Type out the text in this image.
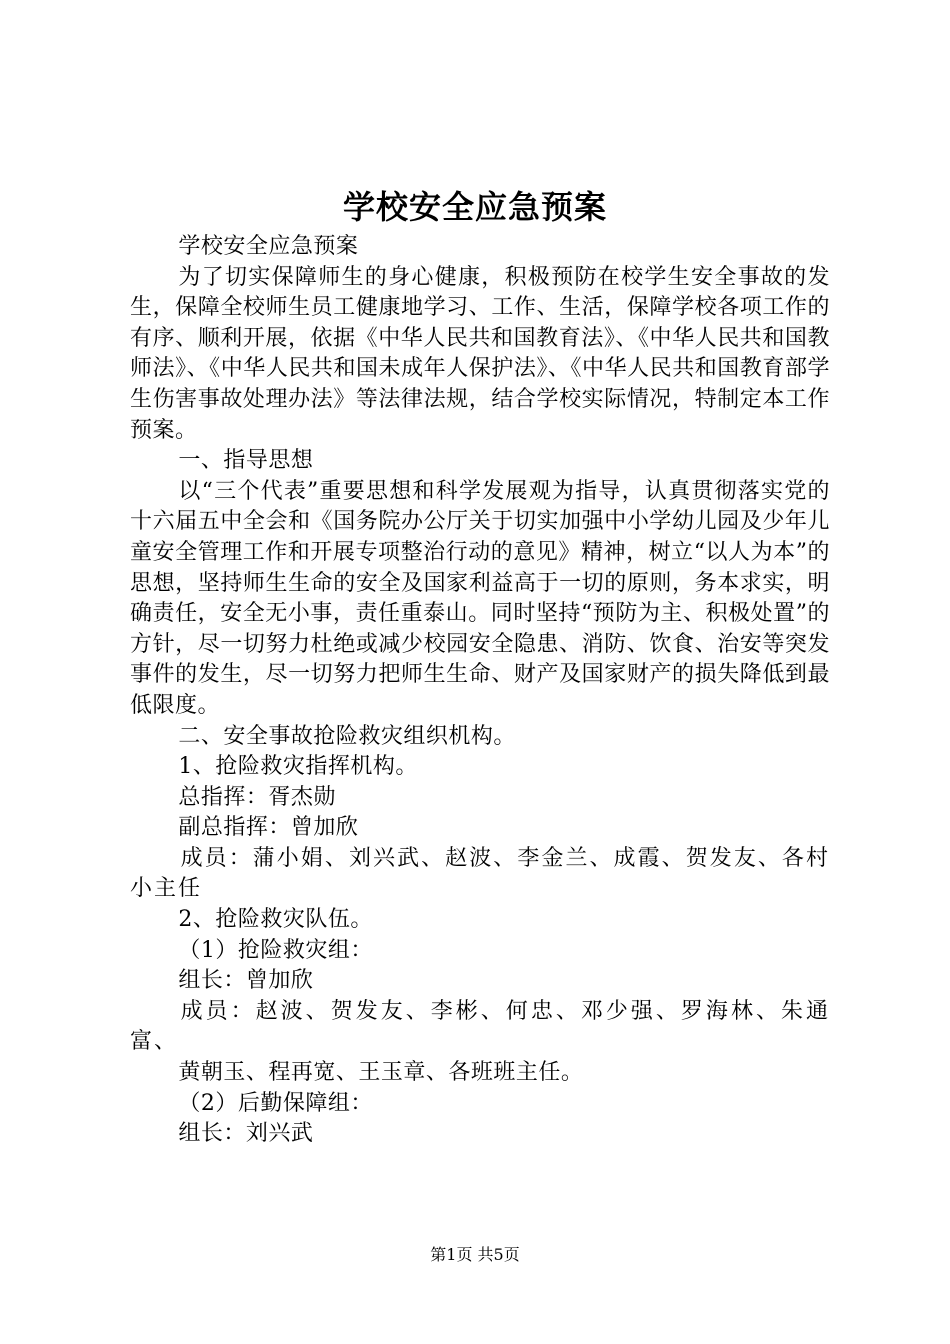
学校安全应急预案

学校安全应急预案

为了切实保障师生的身心健康，积极预防在校学生安全事故的发生，保障全校师生员工健康地学习、工作、生活，保障学校各项工作的有序、顺利开展，依据《中华人民共和国教育法》、《中华人民共和国教师法》、《中华人民共和国未成年人保护法》、《中华人民共和国教育部学生伤害事故处理办法》等法律法规，结合学校实际情况，特制定本工作预案。

一、指导思想

以“三个代表”重要思想和科学发展观为指导，认真贯彻落实党的十六届五中全会和《国务院办公厅关于切实加强中小学幼儿园及少年儿童安全管理工作和开展专项整治行动的意见》精神，树立“以人为本”的思想，坚持师生生命的安全及国家利益高于一切的原则，务本求实，明确责任，安全无小事，责任重泰山。同时坚持“预防为主、积极处置”的方针，尽一切努力杜绝或减少校园安全隐患、消防、饮食、治安等突发事件的发生，尽一切努力把师生生命、财产及国家财产的损失降低到最低限度。

二、安全事故抢险救灾组织机构。

1、抢险救灾指挥机构。

总指挥：胥杰勋

副总指挥：曾加欣

成员：蒲小娟、刘兴武、赵波、李金兰、成霞、贺发友、各村小主任

2、抢险救灾队伍。

（1）抢险救灾组：

组长：曾加欣

成员：赵波、贺发友、李彬、何忠、邓少强、罗海林、朱通富、

黄朝玉、程再宽、王玉章、各班班主任。

（2）后勤保障组：

组长：刘兴武

第1页 共5页
